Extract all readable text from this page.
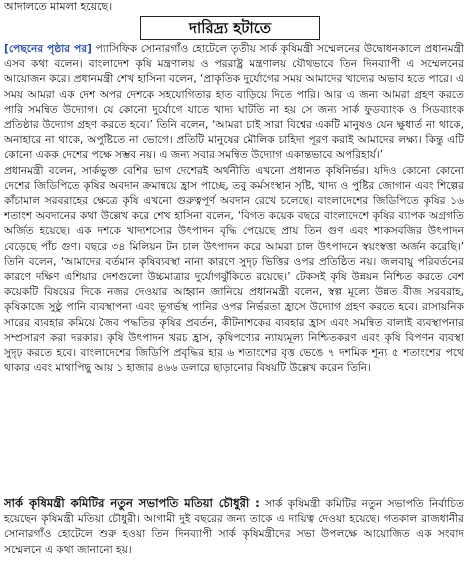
আদালতে মামলা হয়েছে।
দারিদ্র্য হটাতে

[পেছনের পৃষ্ঠার পর] প্যাসিফিক সোনারগাঁও হোটেলে তৃতীয় সার্ক কৃষিমন্ত্রী সম্মেলনের উদ্বোধনকালে প্রধানমন্ত্রী এসব কথা বলেন। বাংলাদেশ কৃষি মন্ত্রণালয় ও পররাষ্ট্র মন্ত্রণালয় যৌথভাবে তিন দিনব্যাপী এ সম্মেলনের আয়োজন করে। প্রধানমন্ত্রী শেখ হাসিনা বলেন, ‘প্রাকৃতিক দুর্যোগের সময় আমাদের খাদ্যের অভাব হতে পারে। এ সময় আমরা এক দেশ অপর দেশকে সহযোগিতার হাত বাড়িয়ে দিতে পারি। আর এ জন্য আমরা গ্রহণ করতে পারি সমন্বিত উদ্যোগ। যে কোনো দুর্যোগে যাতে খাদ্য ঘাটতি না হয় সে জন্য সার্ক ফুডব্যাংক ও সিডব্যাংক প্রতিষ্ঠার উদ্যোগ গ্রহণ করতে হবে।’ তিনি বলেন, ‘আমরা চাই সারা বিশ্বের একটি মানুষও যেন ক্ষুধার্ত না থাকে, অনাহারে না থাকে, অপুষ্টিতে না ভোগে। প্রতিটি মানুষের মৌলিক চাহিদা পূরণ করাই আমাদের লক্ষ্য। কিন্তু এটি কোনো একক দেশের পক্ষে সম্ভব নয়। এ জন্য সবার সমন্বিত উদ্যোগ একান্তভাবে অপরিহার্য।’

প্রধানমন্ত্রী বলেন, সার্কভুক্ত বেশির ভাগ দেশেরই অর্থনীতি এখনো প্রধানত কৃষিনির্ভর। যদিও কোনো কোনো দেশের জিডিপিতে কৃষির অবদান ক্রমান্বয়ে হ্রাস পাচ্ছে, তবু কর্মসংস্থান সৃষ্টি, খাদ্য ও পুষ্টির জোগান এবং শিল্পের কাঁচামাল সরবরাহের ক্ষেত্রে কৃষি এখনো গুরুত্বপূর্ণ অবদান রেখে চলেছে। বাংলাদেশের জিডিপিতে কৃষির ১৬ শতাংশ অবদানের কথা উল্লেখ করে শেখ হাসিনা বলেন, ‘বিগত কয়েক বছরে বাংলাদেশে কৃষির ব্যাপক অগ্রগতি অর্জিত হয়েছে। এক দশকে খাদ্যশস্যের উৎপাদন বৃদ্ধি পেয়েছে প্রায় তিন গুণ এবং শাকসবজির উৎপাদন বেড়েছে পাঁচ গুণ। বছরে ৩৪ মিলিয়ন টন চাল উৎপাদন করে আমরা চাল উৎপাদনে স্বয়ংস্বত্তা অর্জন করেছি।’ তিনি বলেন, ‘আমাদের বর্তমান কৃষিব্যবস্থা নানা কারণে সুদৃঢ় ভিত্তির ওপর প্রতিষ্ঠিত নয়। জলবায়ু পরিবর্তনের কারণে দক্ষিণ এশিয়ার দেশগুলো উচ্চমাত্রার দুর্যোগঝুঁকিতে রয়েছে।’ টেকসই কৃষি উন্নয়ন নিশ্চিত করতে বেশ কয়েকটি বিষয়ের দিকে নজর দেওয়ার আহ্বান জানিয়ে প্রধানমন্ত্রী বলেন, স্বল্প মূল্যে উন্নত বীজ সরবরাহ, কৃষিকাজে সুষ্ঠু পানি ব্যবস্থাপনা এবং ভূগর্ভস্থ পানির ওপর নির্ভরতা হ্রাসে উদ্যোগ গ্রহণ করতে হবে। রাসায়নিক সারের ব্যবহার কমিয়ে জৈব পদ্ধতির কৃষির প্রবর্তন, কীটনাশকের ব্যবহার হ্রাস এবং সমন্বিত বালাই ব্যবস্থাপনার সম্প্রসারণ করা দরকার। কৃষি উৎপাদন খরচ হ্রাস, কৃষিপণ্যের ন্যায্যমূল্য নিশ্চিতকরণ এবং কৃষি বিপণন ব্যবস্থা সুদৃঢ় করতে হবে। বাংলাদেশের জিডিপি প্রবৃদ্ধির হার ৬ শতাংশের বৃত্ত ভেঙে ৭ দশমিক শূন্য ৫ শতাংশের পথে থাকার এবং মাথাপিছু আয় ১ হাজার ৪৬৬ ডলারে ছাড়ানোর বিষয়টি উল্লেখ করেন তিনি।

সার্ক কৃষিমন্ত্রী কমিটির নতুন সভাপতি মতিয়া চৌধুরী : সার্ক কৃষিমন্ত্রী কমিটির নতুন সভাপতি নির্বাচিত হয়েছেন কৃষিমন্ত্রী মতিয়া চৌধুরী। আগামী দুই বছরের জন্য তাকে এ দায়িত্ব দেওয়া হয়েছে। গতকাল রাজধানীর সোনারগাঁও হোটেলে শুরু হওয়া তিন দিনব্যাপী সার্ক কৃষিমন্ত্রীদের সভা উপলক্ষে আয়োজিত এক সংবাদ সম্মেলনে এ কথা জানানো হয়।
